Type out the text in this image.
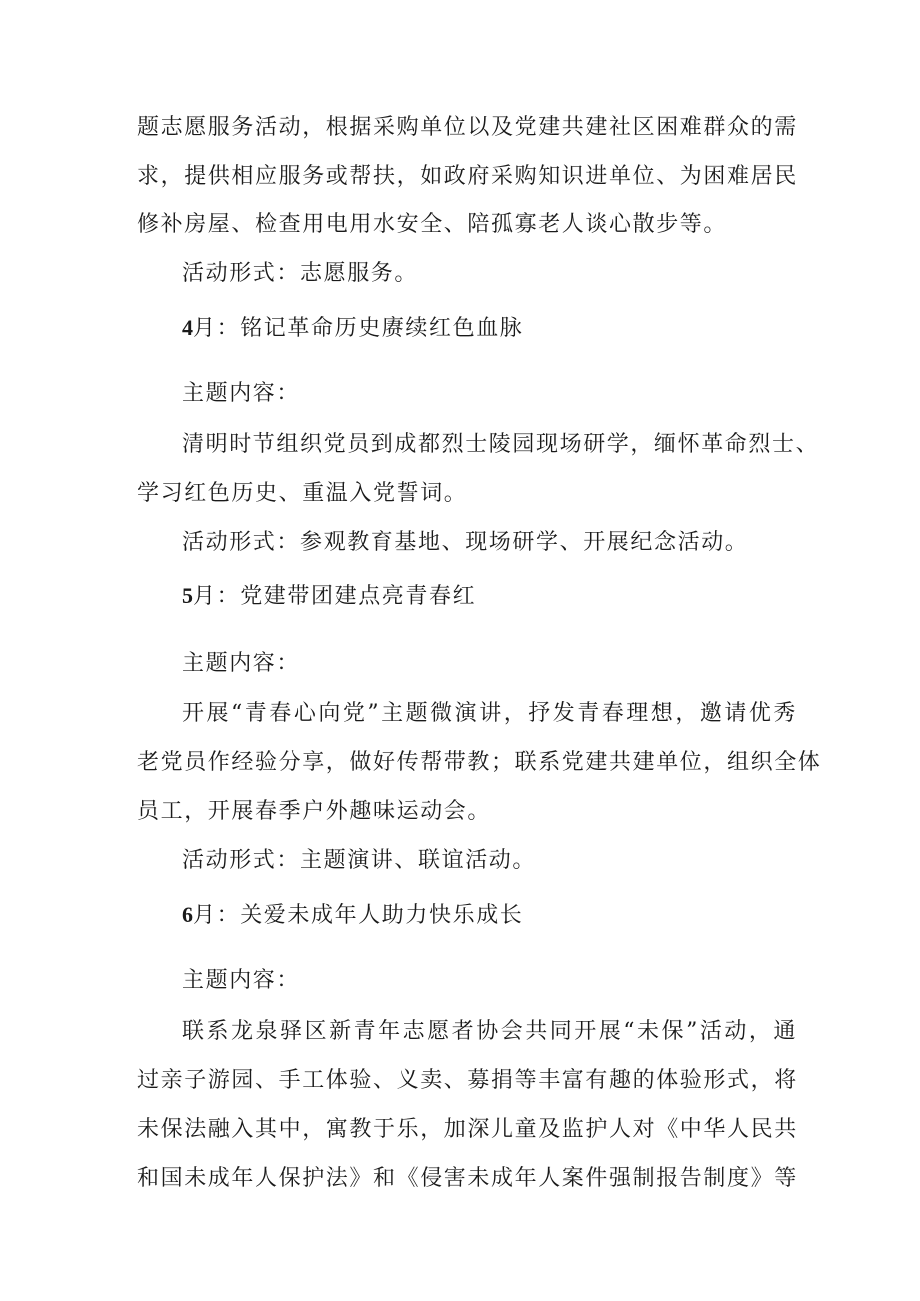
题志愿服务活动，根据采购单位以及党建共建社区困难群众的需
求，提供相应服务或帮扶，如政府采购知识进单位、为困难居民
修补房屋、检查用电用水安全、陪孤寡老人谈心散步等。
活动形式：志愿服务。
4月：铭记革命历史赓续红色血脉
主题内容：
清明时节组织党员到成都烈士陵园现场研学，缅怀革命烈士、
学习红色历史、重温入党誓词。
活动形式：参观教育基地、现场研学、开展纪念活动。
5月：党建带团建点亮青春红
主题内容：
开展“青春心向党”主题微演讲，抒发青春理想，邀请优秀
老党员作经验分享，做好传帮带教；联系党建共建单位，组织全体
员工，开展春季户外趣味运动会。
活动形式：主题演讲、联谊活动。
6月：关爱未成年人助力快乐成长
主题内容：
联系龙泉驿区新青年志愿者协会共同开展“未保”活动，通
过亲子游园、手工体验、义卖、募捐等丰富有趣的体验形式，将
未保法融入其中，寓教于乐，加深儿童及监护人对《中华人民共
和国未成年人保护法》和《侵害未成年人案件强制报告制度》等
